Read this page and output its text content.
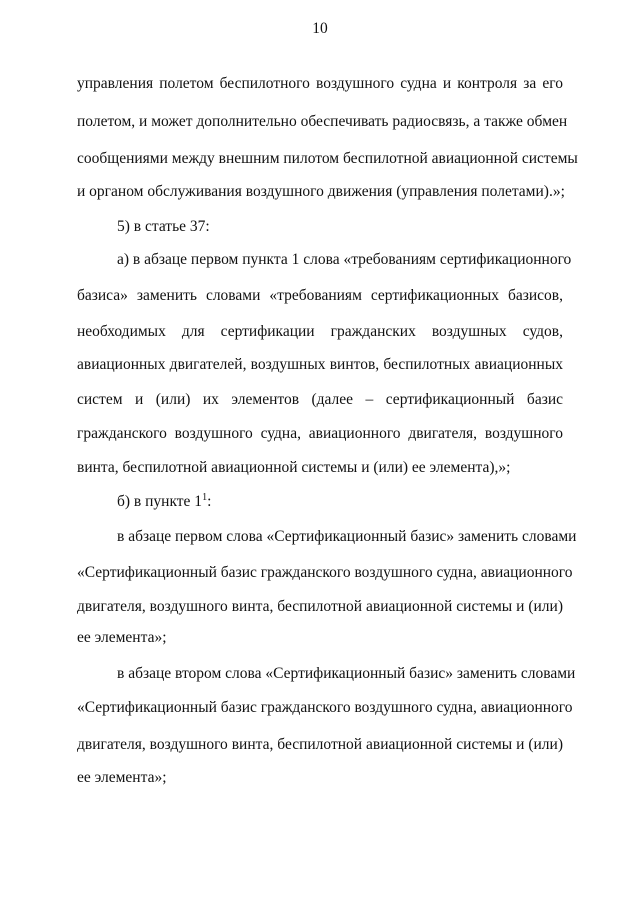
10
управления полетом беспилотного воздушного судна и контроля за его
полетом, и может дополнительно обеспечивать радиосвязь, а также обмен
сообщениями между внешним пилотом беспилотной авиационной системы
и органом обслуживания воздушного движения (управления полетами).»;
5) в статье 37:
а) в абзаце первом пункта 1 слова «требованиям сертификационного
базиса» заменить словами «требованиям сертификационных базисов,
необходимых для сертификации гражданских воздушных судов,
авиационных двигателей, воздушных винтов, беспилотных авиационных
систем и (или) их элементов (далее – сертификационный базис
гражданского воздушного судна, авиационного двигателя, воздушного
винта, беспилотной авиационной системы и (или) ее элемента),»;
б) в пункте $1^1$:
в абзаце первом слова «Сертификационный базис» заменить словами
«Сертификационный базис гражданского воздушного судна, авиационного
двигателя, воздушного винта, беспилотной авиационной системы и (или)
ее элемента»;
в абзаце втором слова «Сертификационный базис» заменить словами
«Сертификационный базис гражданского воздушного судна, авиационного
двигателя, воздушного винта, беспилотной авиационной системы и (или)
ее элемента»;
